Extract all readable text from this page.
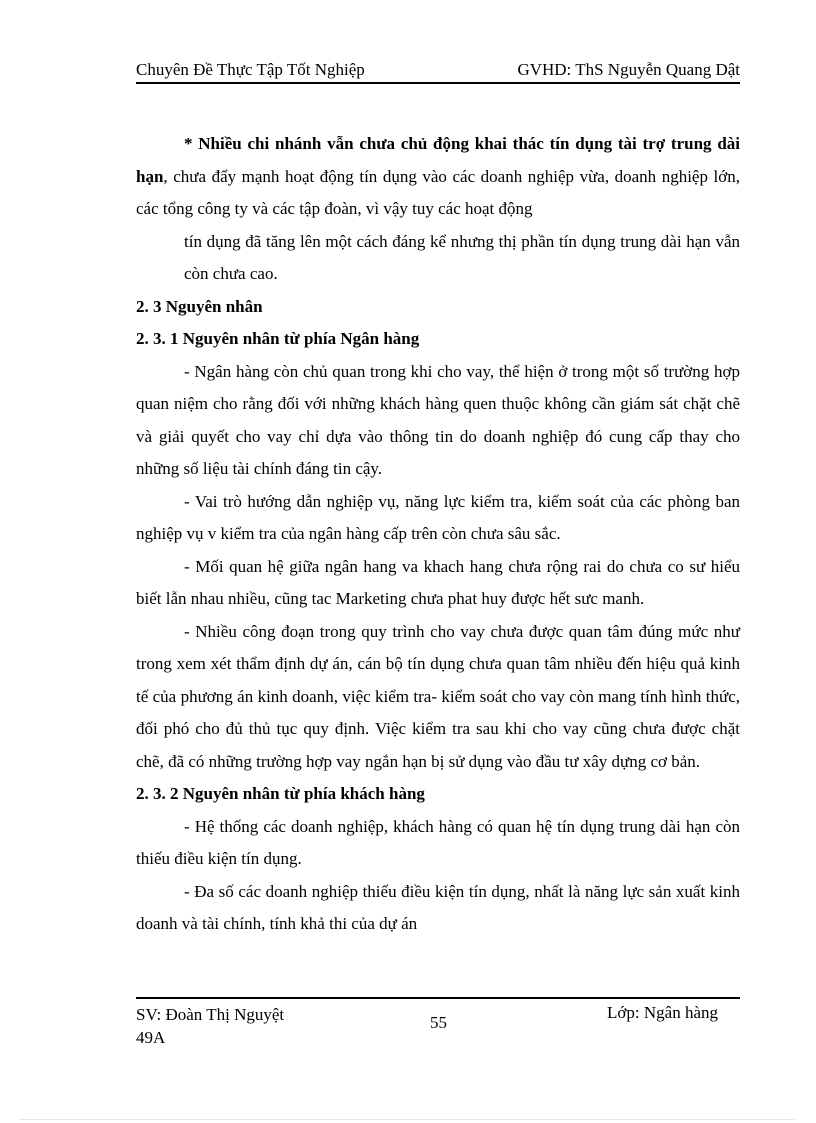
Chuyên Đề Thực Tập Tốt Nghiệp	GVHD: ThS Nguyễn Quang Dật

* Nhiều chi nhánh vẫn chưa chủ động khai thác tín dụng tài trợ trung dài hạn, chưa đẩy mạnh hoạt động tín dụng vào các doanh nghiệp vừa, doanh nghiệp lớn, các tổng công ty và các tập đoàn, vì vậy tuy các hoạt động

tín dụng đã tăng lên một cách đáng kể nhưng thị phần tín dụng trung dài hạn vẫn còn chưa cao.

2. 3 Nguyên nhân

2. 3. 1 Nguyên nhân từ phía Ngân hàng

- Ngân hàng còn chủ quan trong khi cho vay, thể hiện ở trong một số trường hợp quan niệm cho rằng đối với những khách hàng quen thuộc không cần giám sát chặt chẽ và giải quyết cho vay chỉ dựa vào thông tin do doanh nghiệp đó cung cấp thay cho những số liệu tài chính đáng tin cậy.

- Vai trò hướng dẫn nghiệp vụ, năng lực kiểm tra, kiểm soát của các phòng ban nghiệp vụ v kiểm tra của ngân hàng cấp trên còn chưa sâu sắc.

- Mối quan hệ giữa ngân hang va khach hang chưa rộng rai do chưa co sư hiểu biết lẫn nhau nhiều, cũng tac Marketing chưa phat huy được hết sưc manh.

- Nhiều công đoạn trong quy trình cho vay chưa được quan tâm đúng mức như trong xem xét thẩm định dự án, cán bộ tín dụng chưa quan tâm nhiều đến hiệu quả kinh tế của phương án kinh doanh, việc kiểm tra- kiểm soát cho vay còn mang tính hình thức, đối phó cho đủ thủ tục quy định. Việc kiểm tra sau khi cho vay cũng chưa được chặt chẽ, đã có những trường hợp vay ngắn hạn bị sử dụng vào đầu tư xây dựng cơ bản.

2. 3. 2 Nguyên nhân từ phía khách hàng

- Hệ thống các doanh nghiệp, khách hàng có quan hệ tín dụng trung dài hạn còn thiếu điều kiện tín dụng.

- Đa số các doanh nghiệp thiếu điều kiện tín dụng, nhất là năng lực sản xuất kinh doanh và tài chính, tính khả thi của dự án

SV: Đoàn Thị Nguyệt
49A
55
Lớp: Ngân hàng
